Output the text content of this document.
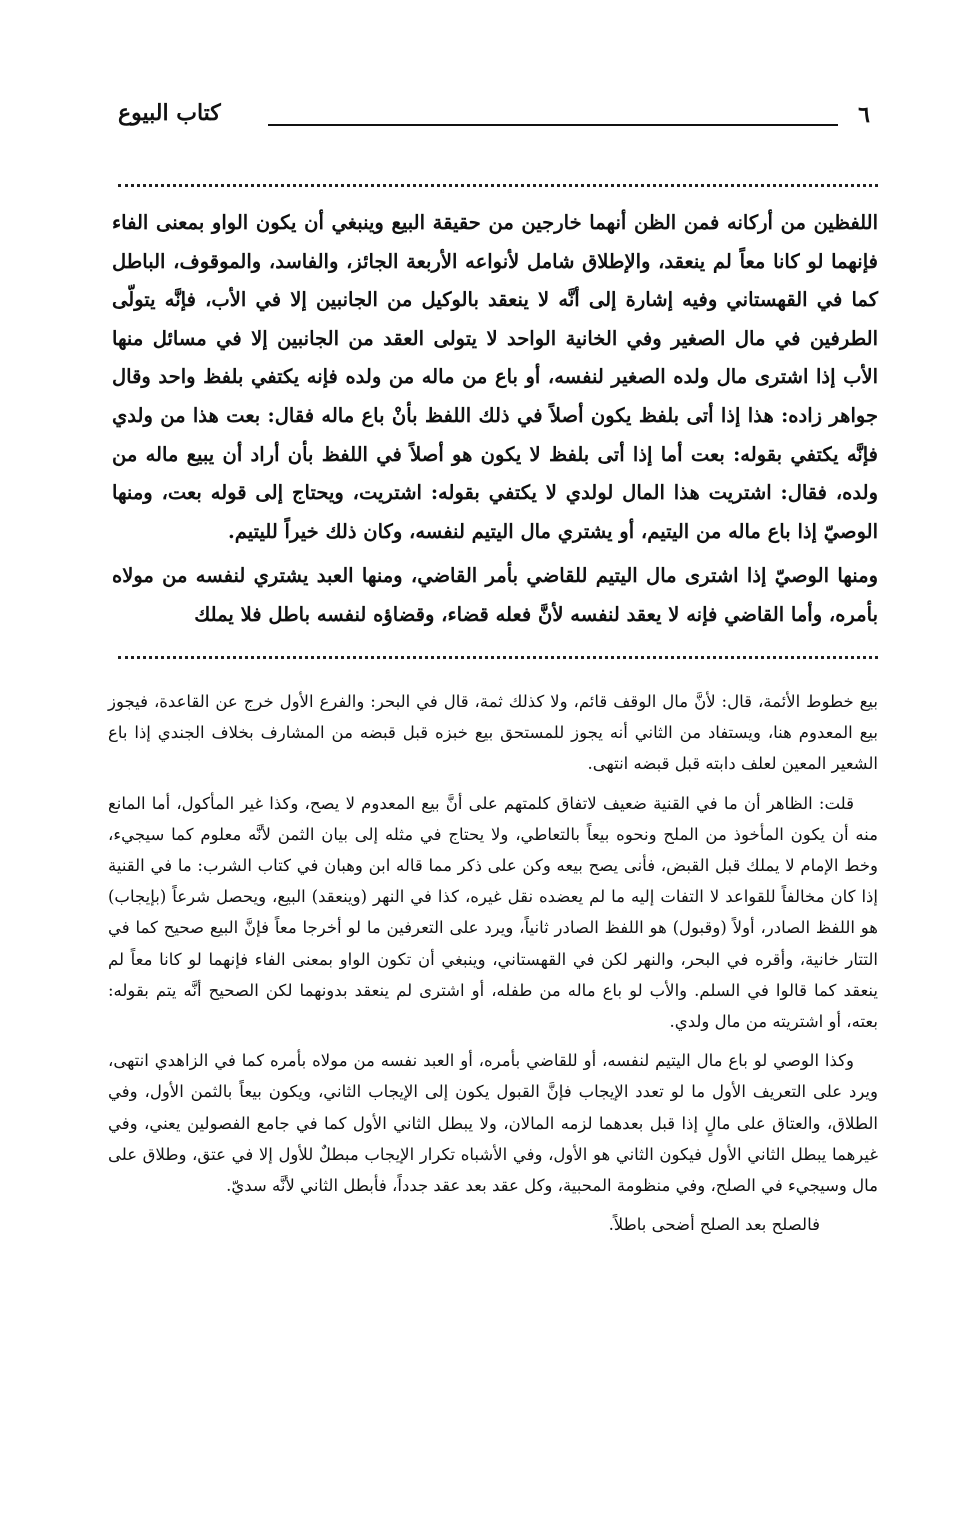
٦
كتاب البيوع

اللفظين من أركانه فمن الظن أنهما خارجين من حقيقة البيع وينبغي أن يكون الواو بمعنى الفاء فإنهما لو كانا معاً لم ينعقد، والإطلاق شامل لأنواعه الأربعة الجائز، والفاسد، والموقوف، الباطل كما في القهستاني وفيه إشارة إلى أنَّه لا ينعقد بالوكيل من الجانبين إلا في الأب، فإنَّه يتولّى الطرفين في مال الصغير وفي الخانية الواحد لا يتولى العقد من الجانبين إلا في مسائل منها الأب إذا اشترى مال ولده الصغير لنفسه، أو باع من ماله من ولده فإنه يكتفي بلفظ واحد وقال جواهر زاده: هذا إذا أتى بلفظ يكون أصلاً في ذلك اللفظ بأنْ باع ماله فقال: بعت هذا من ولدي فإنَّه يكتفي بقوله: بعت أما إذا أتى بلفظ لا يكون هو أصلاً في اللفظ بأن أراد أن يبيع ماله من ولده، فقال: اشتريت هذا المال لولدي لا يكتفي بقوله: اشتريت، ويحتاج إلى قوله بعت، ومنها الوصيّ إذا باع ماله من اليتيم، أو يشتري مال اليتيم لنفسه، وكان ذلك خيراً لليتيم.

ومنها الوصيّ إذا اشترى مال اليتيم للقاضي بأمر القاضي، ومنها العبد يشتري لنفسه من مولاه بأمره، وأما القاضي فإنه لا يعقد لنفسه لأنَّ فعله قضاء، وقضاؤه لنفسه باطل فلا يملك

بيع خطوط الأئمة، قال: لأنَّ مال الوقف قائم، ولا كذلك ثمة، قال في البحر: والفرع الأول خرج عن القاعدة، فيجوز بيع المعدوم هنا، ويستفاد من الثاني أنه يجوز للمستحق بيع خبزه قبل قبضه من المشارف بخلاف الجندي إذا باع الشعير المعين لعلف دابته قبل قبضه انتهى.

قلت: الظاهر أن ما في القنية ضعيف لاتفاق كلمتهم على أنَّ بيع المعدوم لا يصح، وكذا غير المأكول، أما المانع منه أن يكون المأخوذ من الملح ونحوه بيعاً بالتعاطي، ولا يحتاج في مثله إلى بيان الثمن لأنَّه معلوم كما سيجيء، وخط الإمام لا يملك قبل القبض، فأنى يصح بيعه وكن على ذكر مما قاله ابن وهبان في كتاب الشرب: ما في القنية إذا كان مخالفاً للقواعد لا التفات إليه ما لم يعضده نقل غيره، كذا في النهر (وينعقد) البيع، ويحصل شرعاً (بإيجاب) هو اللفظ الصادر، أولاً (وقبول) هو اللفظ الصادر ثانياً، ويرد على التعرفين ما لو أخرجا معاً فإنَّ البيع صحيح كما في التتار خانية، وأقره في البحر، والنهر لكن في القهستاني، وينبغي أن تكون الواو بمعنى الفاء فإنهما لو كانا معاً لم ينعقد كما قالوا في السلم. والأب لو باع ماله من طفله، أو اشترى لم ينعقد بدونهما لكن الصحيح أنَّه يتم بقوله: بعته، أو اشتريته من مال ولدي.

وكذا الوصي لو باع مال اليتيم لنفسه، أو للقاضي بأمره، أو العبد نفسه من مولاه بأمره كما في الزاهدي انتهى، ويرد على التعريف الأول ما لو تعدد الإيجاب فإنَّ القبول يكون إلى الإيجاب الثاني، ويكون بيعاً بالثمن الأول، وفي الطلاق، والعتاق على مالٍ إذا قبل بعدهما لزمه المالان، ولا يبطل الثاني الأول كما في جامع الفصولين يعني، وفي غيرهما يبطل الثاني الأول فيكون الثاني هو الأول، وفي الأشباه تكرار الإيجاب مبطلٌ للأول إلا في عتق، وطلاق على مال وسيجيء في الصلح، وفي منظومة المحبية، وكل عقد بعد عقد جدداً، فأبطل الثاني لأنَّه سديّ.

فالصلح بعد الصلح أضحى باطلاً.
